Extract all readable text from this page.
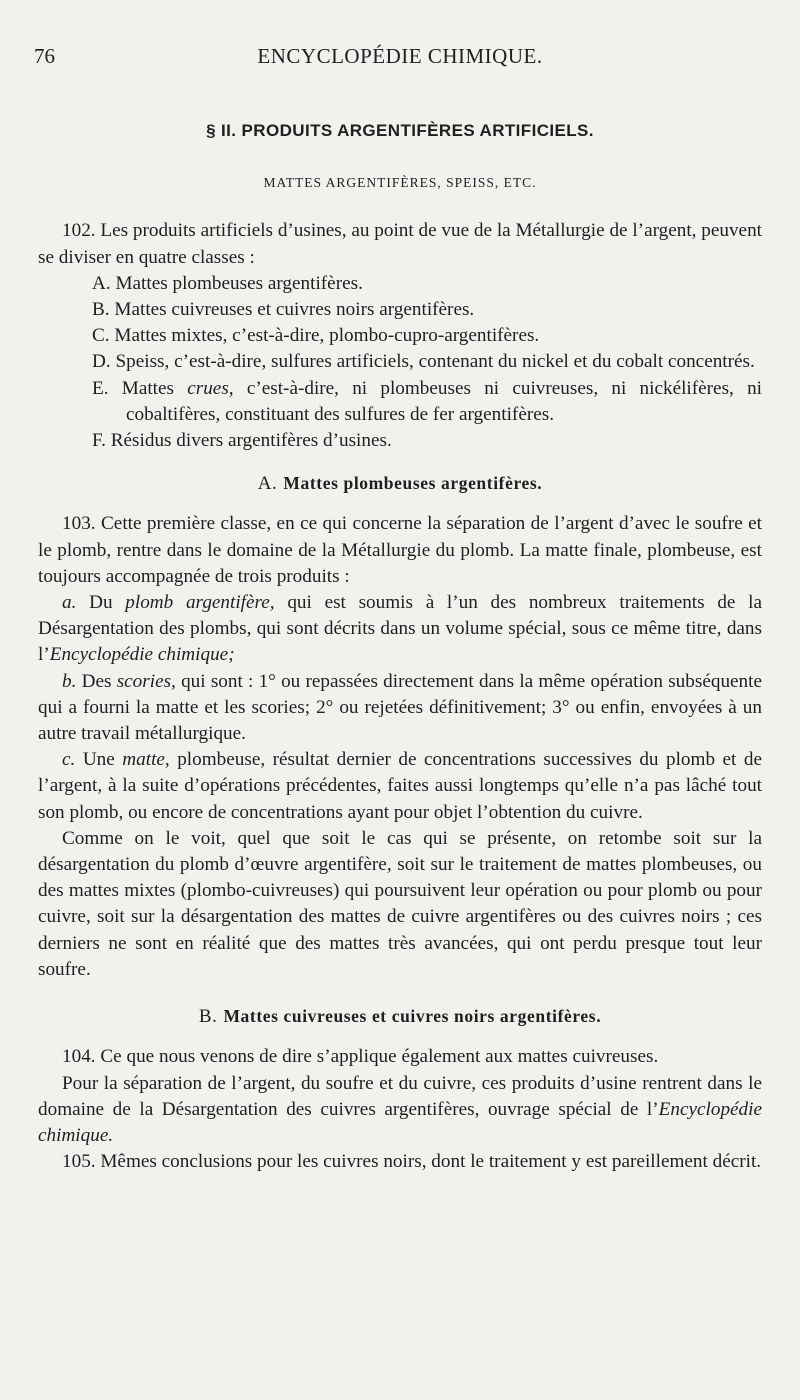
76	ENCYCLOPÉDIE CHIMIQUE.
§ II. PRODUITS ARGENTIFÈRES ARTIFICIELS.
MATTES ARGENTIFÈRES, SPEISS, ETC.

102. Les produits artificiels d’usines, au point de vue de la Métallurgie de l’argent, peuvent se diviser en quatre classes :

A. Mattes plombeuses argentifères.

B. Mattes cuivreuses et cuivres noirs argentifères.

C. Mattes mixtes, c’est-à-dire, plombo-cupro-argentifères.

D. Speiss, c’est-à-dire, sulfures artificiels, contenant du nickel et du cobalt concentrés.

E. Mattes crues, c’est-à-dire, ni plombeuses ni cuivreuses, ni nickélifères, ni cobaltifères, constituant des sulfures de fer argentifères.

F. Résidus divers argentifères d’usines.

A. Mattes plombeuses argentifères.

103. Cette première classe, en ce qui concerne la séparation de l’argent d’avec le soufre et le plomb, rentre dans le domaine de la Métallurgie du plomb. La matte finale, plombeuse, est toujours accompagnée de trois produits :

a. Du plomb argentifère, qui est soumis à l’un des nombreux traitements de la Désargentation des plombs, qui sont décrits dans un volume spécial, sous ce même titre, dans l’Encyclopédie chimique;

b. Des scories, qui sont : 1° ou repassées directement dans la même opération subséquente qui a fourni la matte et les scories; 2° ou rejetées définitivement; 3° ou enfin, envoyées à un autre travail métallurgique.

c. Une matte, plombeuse, résultat dernier de concentrations successives du plomb et de l’argent, à la suite d’opérations précédentes, faites aussi longtemps qu’elle n’a pas lâché tout son plomb, ou encore de concentrations ayant pour objet l’obtention du cuivre.

Comme on le voit, quel que soit le cas qui se présente, on retombe soit sur la désargentation du plomb d’œuvre argentifère, soit sur le traitement de mattes plombeuses, ou des mattes mixtes (plombo-cuivreuses) qui poursuivent leur opération ou pour plomb ou pour cuivre, soit sur la désargentation des mattes de cuivre argentifères ou des cuivres noirs ; ces derniers ne sont en réalité que des mattes très avancées, qui ont perdu presque tout leur soufre.

B. Mattes cuivreuses et cuivres noirs argentifères.

104. Ce que nous venons de dire s’applique également aux mattes cuivreuses.

Pour la séparation de l’argent, du soufre et du cuivre, ces produits d’usine rentrent dans le domaine de la Désargentation des cuivres argentifères, ouvrage spécial de l’Encyclopédie chimique.

105. Mêmes conclusions pour les cuivres noirs, dont le traitement y est pareillement décrit.
